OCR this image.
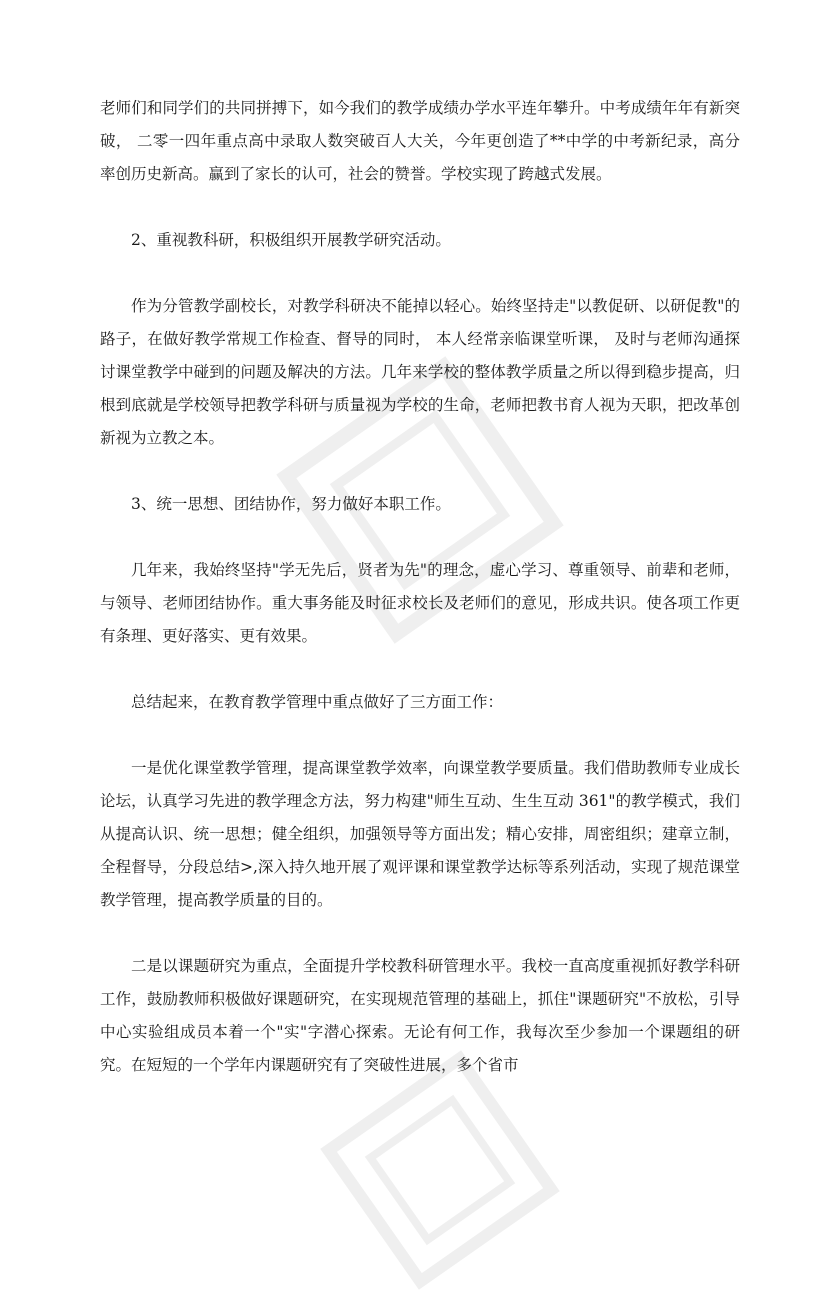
老师们和同学们的共同拼搏下，如今我们的教学成绩办学水平连年攀升。中考成绩年年有新突破， 二零一四年重点高中录取人数突破百人大关，今年更创造了**中学的中考新纪录，高分率创历史新高。赢到了家长的认可，社会的赞誉。学校实现了跨越式发展。

2、重视教科研，积极组织开展教学研究活动。

作为分管教学副校长，对教学科研决不能掉以轻心。始终坚持走"以教促研、以研促教"的路子，在做好教学常规工作检查、督导的同时， 本人经常亲临课堂听课， 及时与老师沟通探讨课堂教学中碰到的问题及解决的方法。几年来学校的整体教学质量之所以得到稳步提高，归根到底就是学校领导把教学科研与质量视为学校的生命，老师把教书育人视为天职，把改革创新视为立教之本。

3、统一思想、团结协作，努力做好本职工作。

几年来，我始终坚持"学无先后，贤者为先"的理念，虚心学习、尊重领导、前辈和老师，与领导、老师团结协作。重大事务能及时征求校长及老师们的意见，形成共识。使各项工作更有条理、更好落实、更有效果。

总结起来，在教育教学管理中重点做好了三方面工作：

一是优化课堂教学管理，提高课堂教学效率，向课堂教学要质量。我们借助教师专业成长论坛，认真学习先进的教学理念方法，努力构建"师生互动、生生互动 361"的教学模式，我们从提高认识、统一思想；健全组织，加强领导等方面出发；精心安排，周密组织；建章立制，全程督导，分段总结>,深入持久地开展了观评课和课堂教学达标等系列活动，实现了规范课堂教学管理，提高教学质量的目的。

二是以课题研究为重点，全面提升学校教科研管理水平。我校一直高度重视抓好教学科研工作，鼓励教师积极做好课题研究，在实现规范管理的基础上，抓住"课题研究"不放松，引导中心实验组成员本着一个"实"字潜心探索。无论有何工作，我每次至少参加一个课题组的研究。在短短的一个学年内课题研究有了突破性进展，多个省市
